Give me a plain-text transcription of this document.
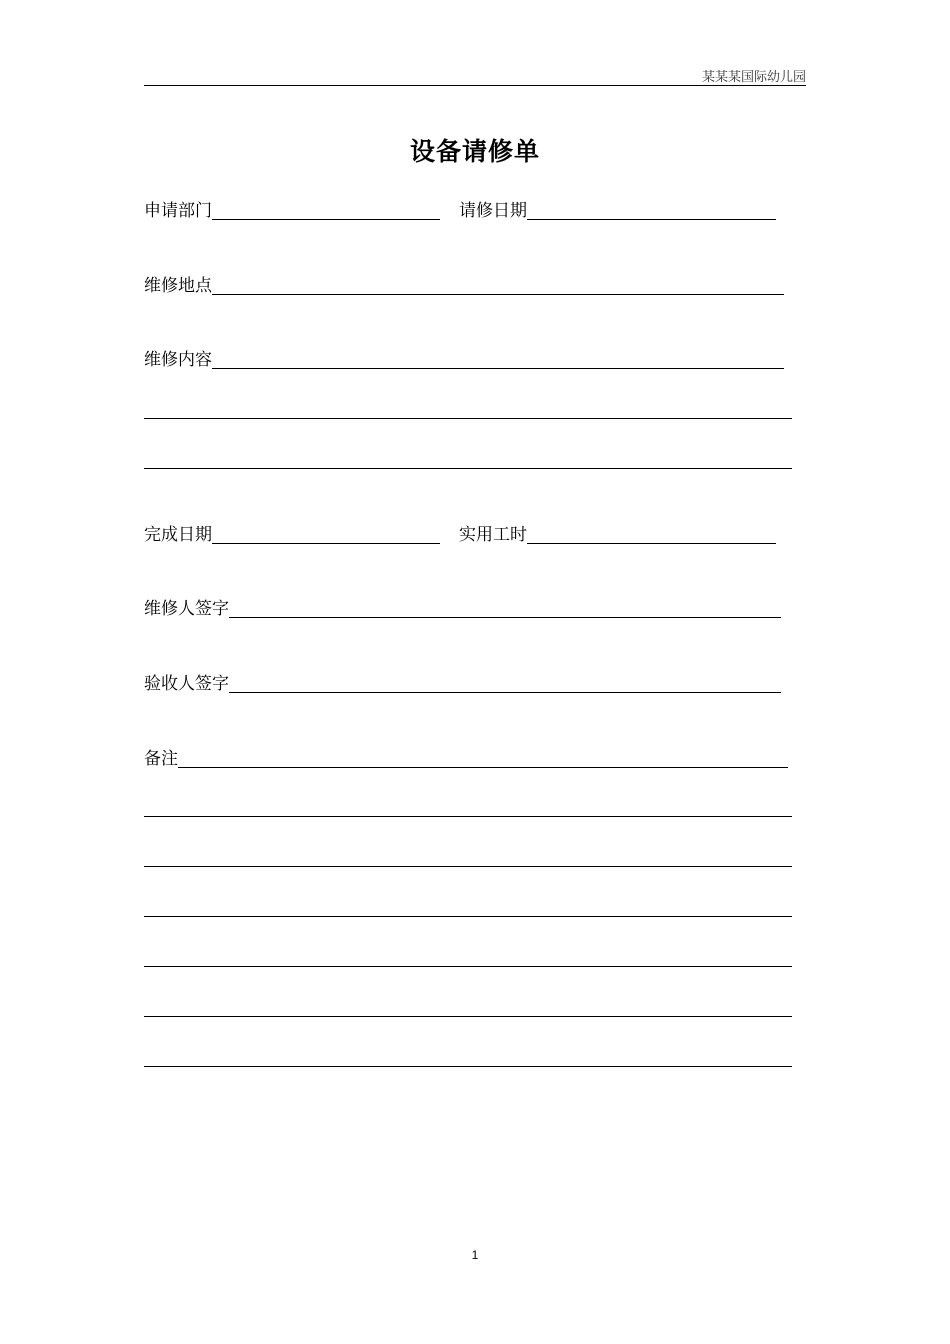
某某某国际幼儿园
设备请修单
申请部门	请修日期
维修地点
维修内容
完成日期	实用工时
维修人签字
验收人签字
备注
1
